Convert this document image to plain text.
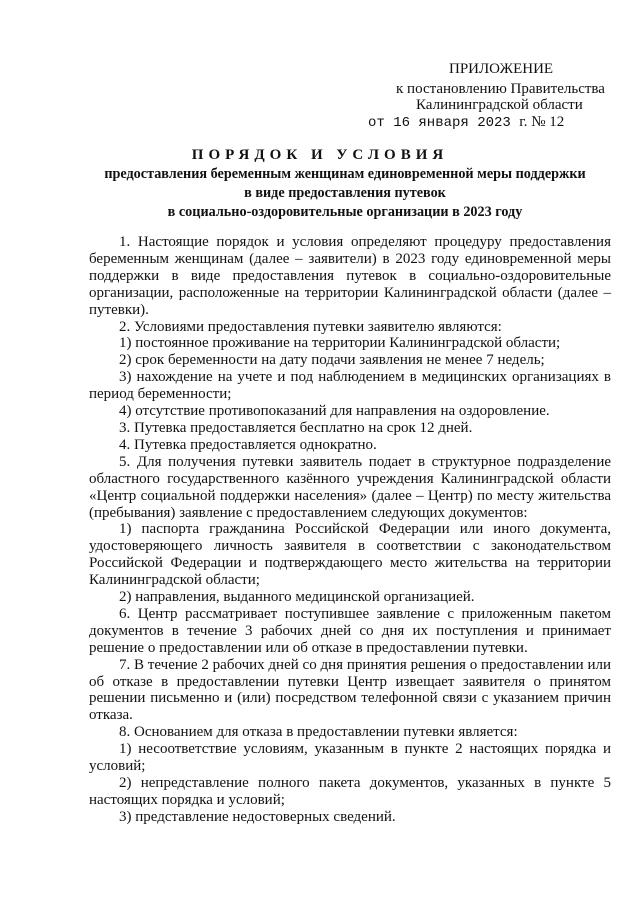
ПРИЛОЖЕНИЕ
к постановлению Правительства
Калининградской области
от 16 января 2023 г. № 12
ПОРЯДОК И УСЛОВИЯ
предоставления беременным женщинам единовременной меры поддержки
в виде предоставления путевок
в социально-оздоровительные организации в 2023 году

1. Настоящие порядок и условия определяют процедуру предоставления беременным женщинам (далее – заявители) в 2023 году единовременной меры поддержки в виде предоставления путевок в социально-оздоровительные организации, расположенные на территории Калининградской области (далее – путевки).

2. Условиями предоставления путевки заявителю являются:

1) постоянное проживание на территории Калининградской области;

2) срок беременности на дату подачи заявления не менее 7 недель;

3) нахождение на учете и под наблюдением в медицинских организациях в период беременности;

4) отсутствие противопоказаний для направления на оздоровление.

3. Путевка предоставляется бесплатно на срок 12 дней.

4. Путевка предоставляется однократно.

5. Для получения путевки заявитель подает в структурное подразделение областного государственного казённого учреждения Калининградской области «Центр социальной поддержки населения» (далее – Центр) по месту жительства (пребывания) заявление с предоставлением следующих документов:

1) паспорта гражданина Российской Федерации или иного документа, удостоверяющего личность заявителя в соответствии с законодательством Российской Федерации и подтверждающего место жительства на территории Калининградской области;

2) направления, выданного медицинской организацией.

6. Центр рассматривает поступившее заявление с приложенным пакетом документов в течение 3 рабочих дней со дня их поступления и принимает решение о предоставлении или об отказе в предоставлении путевки.

7. В течение 2 рабочих дней со дня принятия решения о предоставлении или об отказе в предоставлении путевки Центр извещает заявителя о принятом решении письменно и (или) посредством телефонной связи с указанием причин отказа.

8. Основанием для отказа в предоставлении путевки является:

1) несоответствие условиям, указанным в пункте 2 настоящих порядка и условий;

2) непредставление полного пакета документов, указанных в пункте 5 настоящих порядка и условий;

3) представление недостоверных сведений.
